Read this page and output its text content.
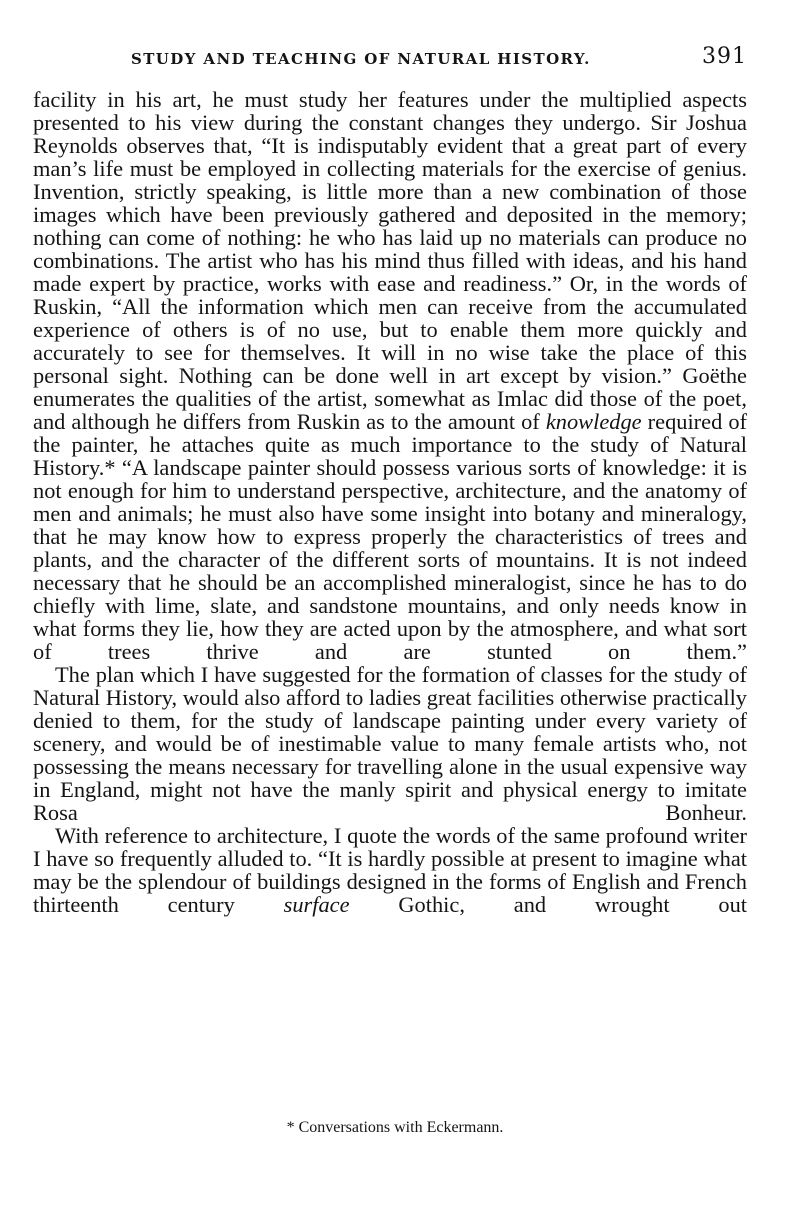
STUDY AND TEACHING OF NATURAL HISTORY.	391

facility in his art, he must study her features under the multiplied aspects presented to his view during the constant changes they undergo. Sir Joshua Reynolds observes that, “It is indisputably evident that a great part of every man’s life must be employed in collecting materials for the exercise of genius. Invention, strictly speaking, is little more than a new combination of those images which have been previously gathered and deposited in the memory; nothing can come of nothing: he who has laid up no materials can produce no combinations. The artist who has his mind thus filled with ideas, and his hand made expert by practice, works with ease and readiness.” Or, in the words of Ruskin, “All the information which men can receive from the accumulated experience of others is of no use, but to enable them more quickly and accurately to see for themselves. It will in no wise take the place of this personal sight. Nothing can be done well in art except by vision.” Goëthe enumerates the qualities of the artist, somewhat as Imlac did those of the poet, and although he differs from Ruskin as to the amount of knowledge required of the painter, he attaches quite as much importance to the study of Natural History.* “A landscape painter should possess various sorts of knowledge: it is not enough for him to understand perspective, architecture, and the anatomy of men and animals; he must also have some insight into botany and mineralogy, that he may know how to express properly the characteristics of trees and plants, and the character of the different sorts of mountains. It is not indeed necessary that he should be an accomplished mineralogist, since he has to do chiefly with lime, slate, and sandstone mountains, and only needs know in what forms they lie, how they are acted upon by the atmosphere, and what sort of trees thrive and are stunted on them.”

The plan which I have suggested for the formation of classes for the study of Natural History, would also afford to ladies great facilities otherwise practically denied to them, for the study of landscape painting under every variety of scenery, and would be of inestimable value to many female artists who, not possessing the means necessary for travelling alone in the usual expensive way in England, might not have the manly spirit and physical energy to imitate Rosa Bonheur.

With reference to architecture, I quote the words of the same profound writer I have so frequently alluded to. “It is hardly possible at present to imagine what may be the splendour of buildings designed in the forms of English and French thirteenth century surface Gothic, and wrought out

* Conversations with Eckermann.
